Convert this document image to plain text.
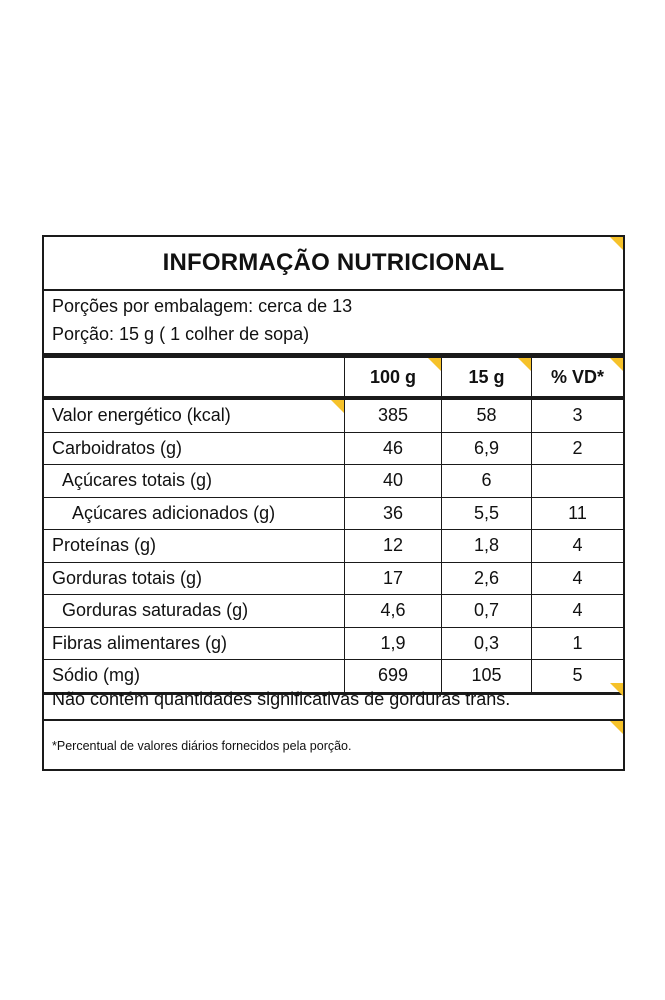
INFORMAÇÃO NUTRICIONAL
Porções por embalagem: cerca de 13
Porção: 15 g ( 1 colher de sopa)
	100 g	15 g	% VD*

Valor energético (kcal)	385	58	3

Carboidratos (g)	46	6,9	2

Açúcares totais (g)	40	6	

Açúcares adicionados (g)	36	5,5	11

Proteínas (g)	12	1,8	4

Gorduras totais (g)	17	2,6	4

Gorduras saturadas (g)	4,6	0,7	4

Fibras alimentares (g)	1,9	0,3	1

Sódio (mg)	699	105	5
Não contém quantidades significativas de gorduras trans.
*Percentual de valores diários fornecidos pela porção.
